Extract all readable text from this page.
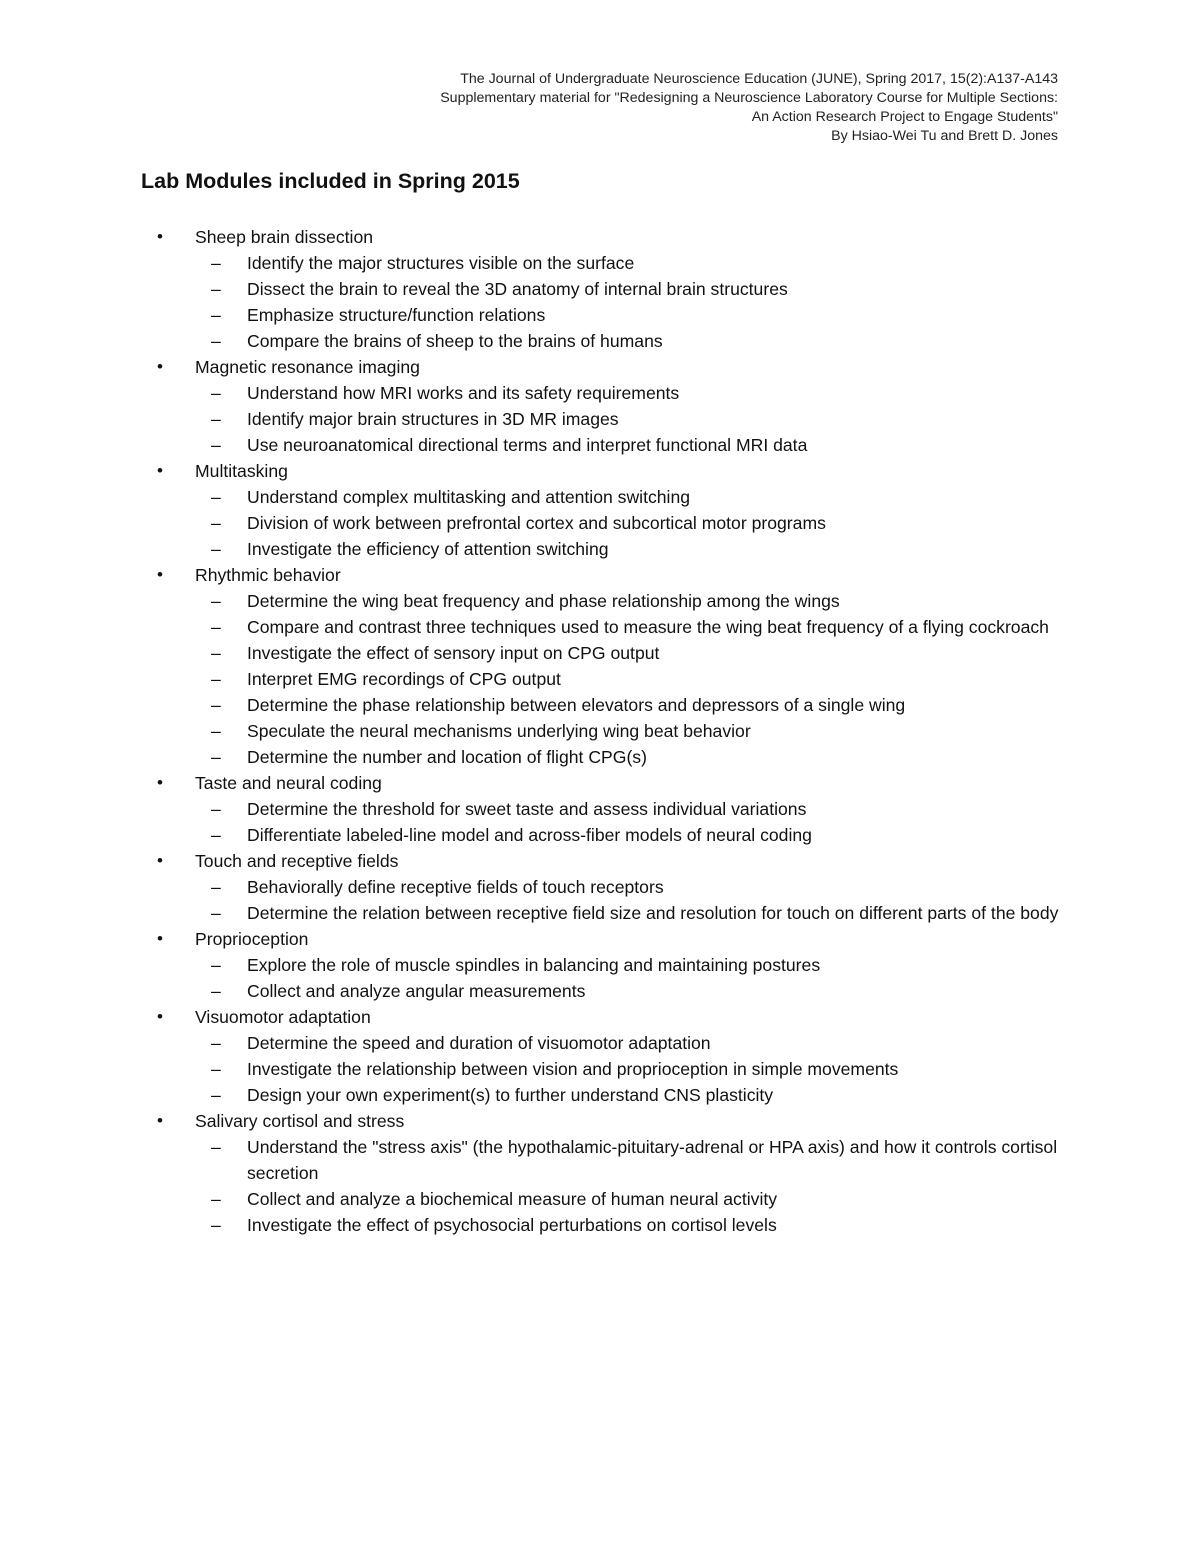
The Journal of Undergraduate Neuroscience Education (JUNE), Spring 2017, 15(2):A137-A143
Supplementary material for "Redesigning a Neuroscience Laboratory Course for Multiple Sections:
An Action Research Project to Engage Students"
By Hsiao-Wei Tu and Brett D. Jones
Lab Modules included in Spring 2015
• Sheep brain dissection
– Identify the major structures visible on the surface
– Dissect the brain to reveal the 3D anatomy of internal brain structures
– Emphasize structure/function relations
– Compare the brains of sheep to the brains of humans
• Magnetic resonance imaging
– Understand how MRI works and its safety requirements
– Identify major brain structures in 3D MR images
– Use neuroanatomical directional terms and interpret functional MRI data
• Multitasking
– Understand complex multitasking and attention switching
– Division of work between prefrontal cortex and subcortical motor programs
– Investigate the efficiency of attention switching
• Rhythmic behavior
– Determine the wing beat frequency and phase relationship among the wings
– Compare and contrast three techniques used to measure the wing beat frequency of a flying cockroach
– Investigate the effect of sensory input on CPG output
– Interpret EMG recordings of CPG output
– Determine the phase relationship between elevators and depressors of a single wing
– Speculate the neural mechanisms underlying wing beat behavior
– Determine the number and location of flight CPG(s)
• Taste and neural coding
– Determine the threshold for sweet taste and assess individual variations
– Differentiate labeled-line model and across-fiber models of neural coding
• Touch and receptive fields
– Behaviorally define receptive fields of touch receptors
– Determine the relation between receptive field size and resolution for touch on different parts of the body
• Proprioception
– Explore the role of muscle spindles in balancing and maintaining postures
– Collect and analyze angular measurements
• Visuomotor adaptation
– Determine the speed and duration of visuomotor adaptation
– Investigate the relationship between vision and proprioception in simple movements
– Design your own experiment(s) to further understand CNS plasticity
• Salivary cortisol and stress
– Understand the "stress axis" (the hypothalamic-pituitary-adrenal or HPA axis) and how it controls cortisol secretion
– Collect and analyze a biochemical measure of human neural activity
– Investigate the effect of psychosocial perturbations on cortisol levels
